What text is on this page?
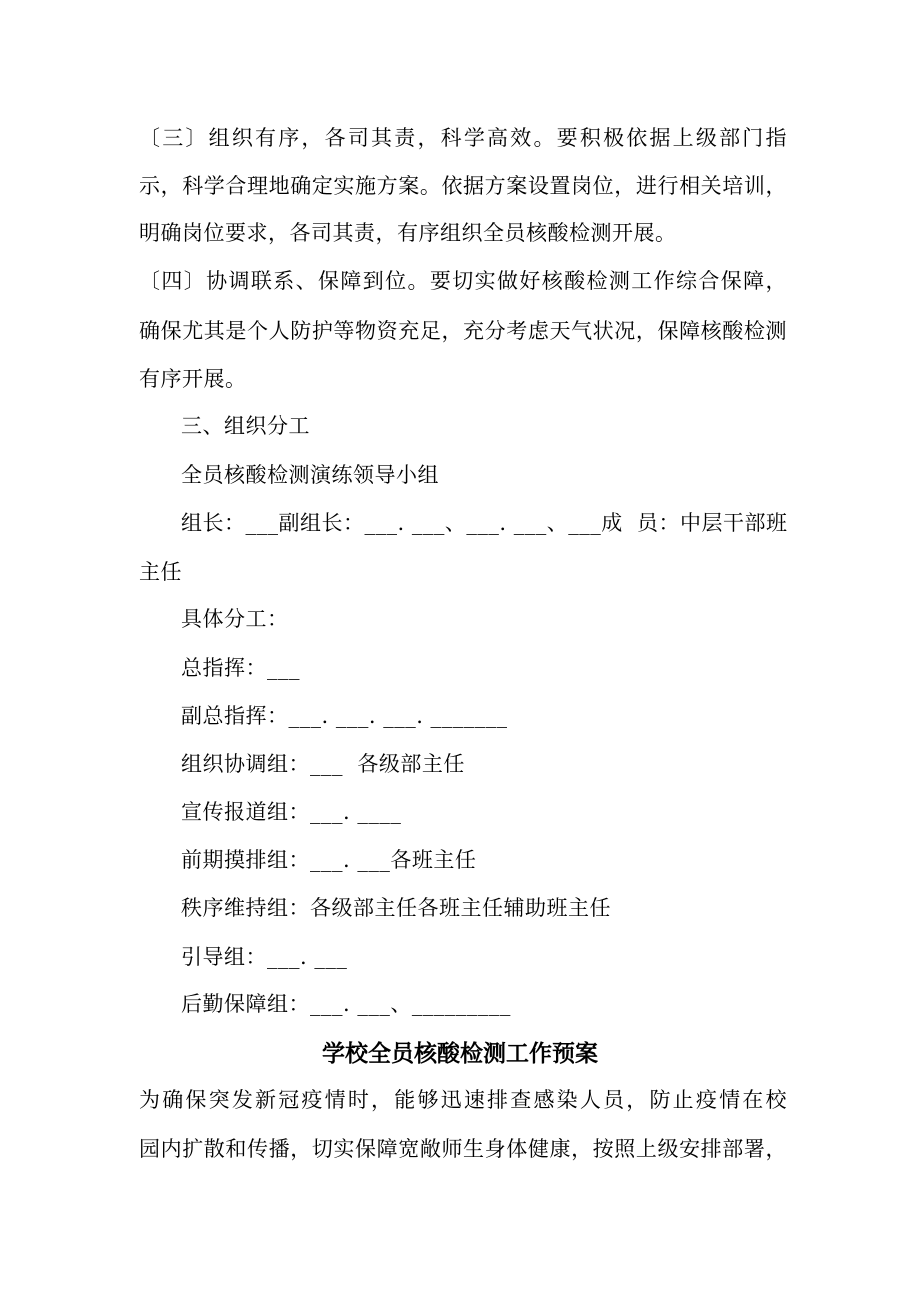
〔三〕组织有序，各司其责，科学高效。要积极依据上级部门指
示，科学合理地确定实施方案。依据方案设置岗位，进行相关培训，
明确岗位要求，各司其责，有序组织全员核酸检测开展。
〔四〕协调联系、保障到位。要切实做好核酸检测工作综合保障，
确保尤其是个人防护等物资充足，充分考虑天气状况，保障核酸检测
有序开展。
三、组织分工
全员核酸检测演练领导小组
组长：___副组长：___. ___、___. ___、___成  员：中层干部班
主任
具体分工：
总指挥：___
副总指挥：___. ___. ___. _______
组织协调组：___  各级部主任
宣传报道组：___. ____
前期摸排组：___. ___各班主任
秩序维持组：各级部主任各班主任辅助班主任
引导组：___. ___
后勤保障组：___. ___、_________
学校全员核酸检测工作预案
为确保突发新冠疫情时，能够迅速排查感染人员，防止疫情在校
园内扩散和传播，切实保障宽敞师生身体健康，按照上级安排部署，
